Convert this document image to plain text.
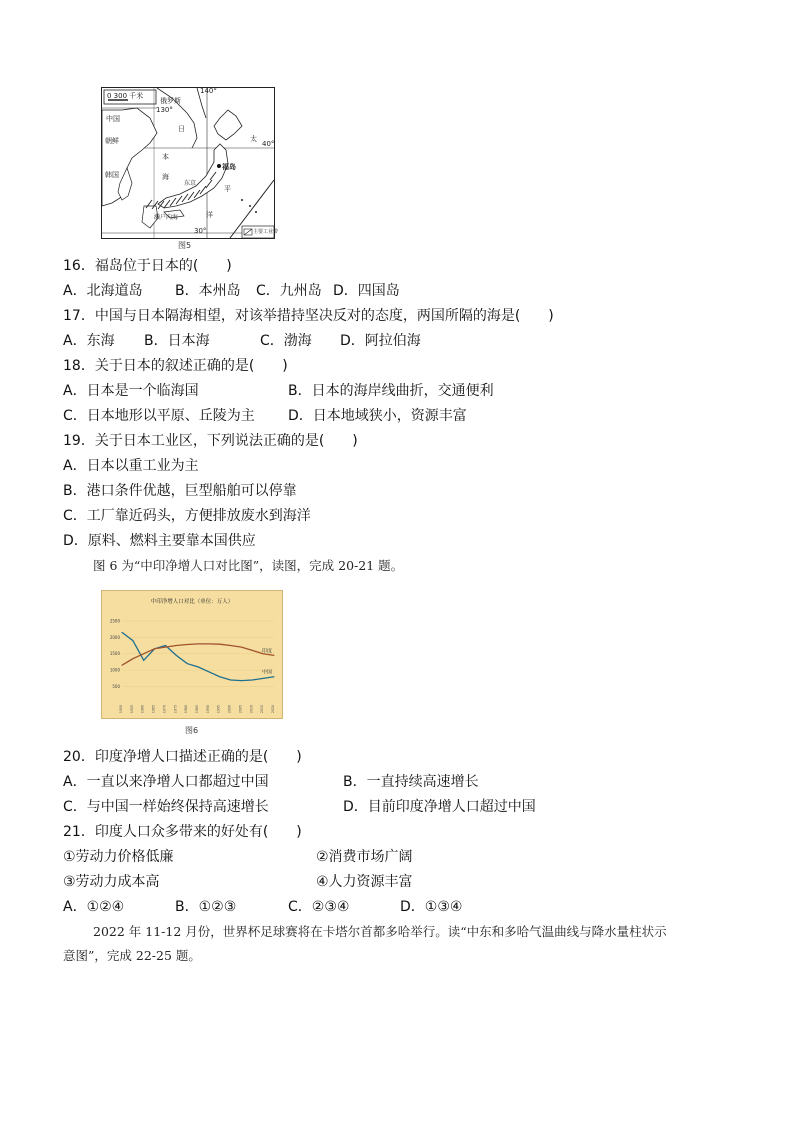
0 300 千米
140°
130°
40°
30°
俄罗斯
中国
朝鲜
韩国
日
本
海
太
平
洋
福岛
东京
濑户内海
主要工业带
图5
16．福岛位于日本的(　　)
A．北海道岛 B．本州岛 C．九州岛 D．四国岛
17．中国与日本隔海相望，对该举措持坚决反对的态度，两国所隔的海是(　　)
A．东海 B．日本海	C．渤海 D．阿拉伯海
18．关于日本的叙述正确的是(　　)
A．日本是一个临海国	B．日本的海岸线曲折，交通便利
C．日本地形以平原、丘陵为主 D．日本地域狭小，资源丰富
19．关于日本工业区，下列说法正确的是(　　)
A．日本以重工业为主
B．港口条件优越，巨型船舶可以停靠
C．工厂靠近码头，方便排放废水到海洋
D．原料、燃料主要靠本国供应
图 6 为“中印净增人口对比图”，读图，完成 20-21 题。
中印净增人口对比（单位：万人）
2500
2000
1500
1000
500
1950 1955 1960 1965 1970 1975 1980 1985 1990 1995 2000 2005 2010 2015 2020
中国
印度
图6
20．印度净增人口描述正确的是(　　)
A．一直以来净增人口都超过中国	B．一直持续高速增长
C．与中国一样始终保持高速增长	D．目前印度净增人口超过中国
21．印度人口众多带来的好处有(　　)
①劳动力价格低廉	②消费市场广阔
③劳动力成本高	④人力资源丰富
A．①②④	B．①②③	C．②③④	D．①③④
2022 年 11-12 月份，世界杯足球赛将在卡塔尔首都多哈举行。读“中东和多哈气温曲线与降水量柱状示
意图”，完成 22-25 题。
